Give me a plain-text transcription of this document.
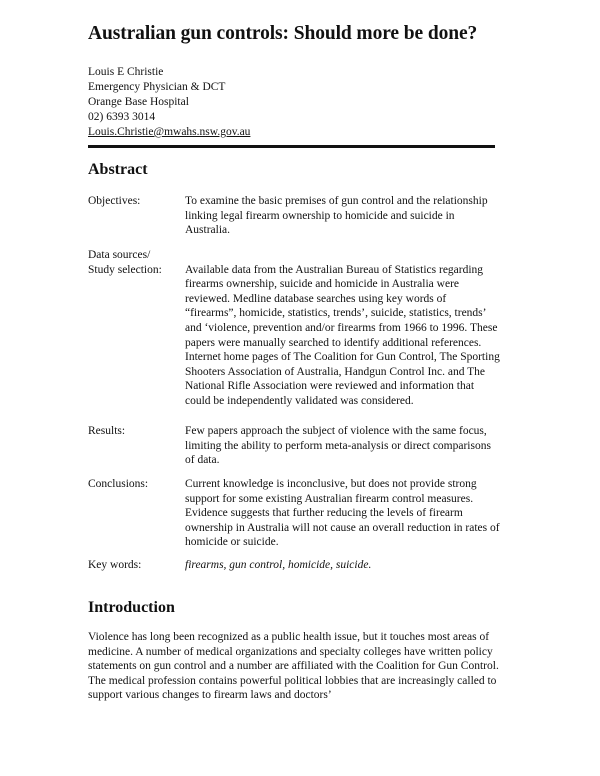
Australian gun controls: Should more be done?
Louis E Christie
Emergency Physician & DCT
Orange Base Hospital
02) 6393 3014
Louis.Christie@mwahs.nsw.gov.au
Abstract
Objectives:	To examine the basic premises of gun control and the relationship linking legal firearm ownership to homicide and suicide in Australia.
Data sources/
Study selection:	Available data from the Australian Bureau of Statistics regarding firearms ownership, suicide and homicide in Australia were reviewed. Medline database searches using key words of “firearms”, homicide, statistics, trends’, suicide, statistics, trends’ and ‘violence, prevention and/or firearms from 1966 to 1996. These papers were manually searched to identify additional references. Internet home pages of The Coalition for Gun Control, The Sporting Shooters Association of Australia, Handgun Control Inc. and The National Rifle Association were reviewed and information that could be independently validated was considered.
Results:	Few papers approach the subject of violence with the same focus, limiting the ability to perform meta-analysis or direct comparisons of data.
Conclusions:	Current knowledge is inconclusive, but does not provide strong support for some existing Australian firearm control measures. Evidence suggests that further reducing the levels of firearm ownership in Australia will not cause an overall reduction in rates of homicide or suicide.
Key words:	firearms, gun control, homicide, suicide.
Introduction
Violence has long been recognized as a public health issue, but it touches most areas of medicine. A number of medical organizations and specialty colleges have written policy statements on gun control and a number are affiliated with the Coalition for Gun Control. The medical profession contains powerful political lobbies that are increasingly called to support various changes to firearm laws and doctors’
